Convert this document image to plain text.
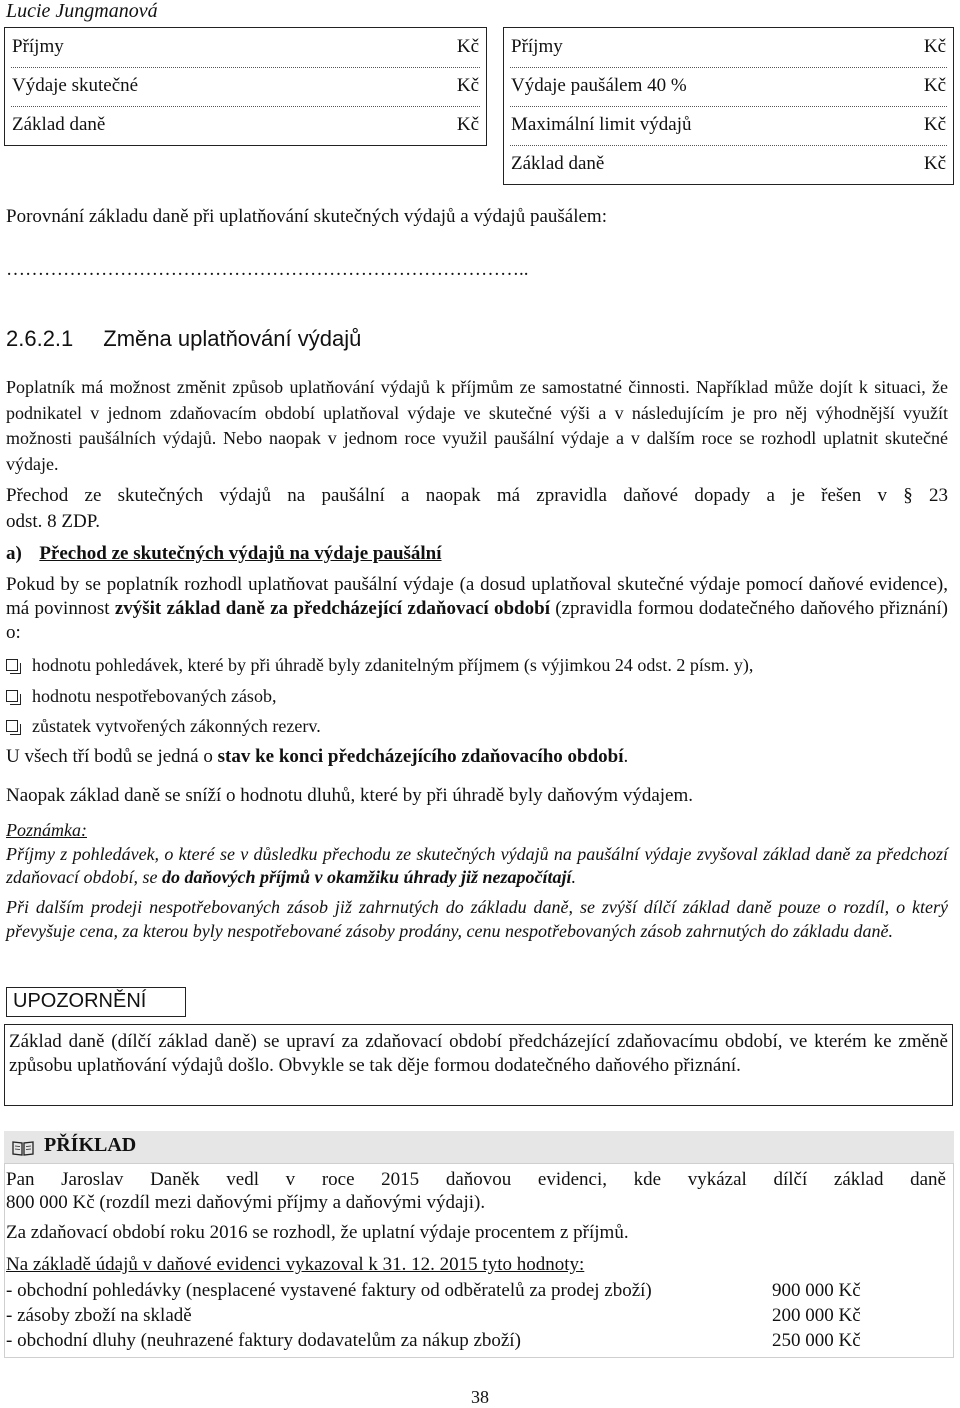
Lucie Jungmanová
Příjmy	Kč
Výdaje skutečné	Kč
Základ daně	Kč
Příjmy	Kč
Výdaje paušálem 40 %	Kč
Maximální limit výdajů	Kč
Základ daně	Kč
Porovnání základu daně při uplatňování skutečných výdajů a výdajů paušálem:
………………………………………………………………………..
2.6.2.1 Změna uplatňování výdajů

Poplatník má možnost změnit způsob uplatňování výdajů k příjmům ze samostatné činnosti. Například může dojít k situaci, že podnikatel v jednom zdaňovacím období uplatňoval výdaje ve skutečné výši a v následujícím je pro něj výhodnější využít možnosti paušálních výdajů. Nebo naopak v jednom roce využil paušální výdaje a v dalším roce se rozhodl uplatnit skutečné výdaje.

Přechod ze skutečných výdajů na paušální a naopak má zpravidla daňové dopady a je řešen v § 23

odst. 8 ZDP.

a) Přechod ze skutečných výdajů na výdaje paušální

Pokud by se poplatník rozhodl uplatňovat paušální výdaje (a dosud uplatňoval skutečné výdaje pomocí daňové evidence), má povinnost zvýšit základ daně za předcházející zdaňovací období (zpravidla formou dodatečného daňového přiznání) o:

hodnotu pohledávek, které by při úhradě byly zdanitelným příjmem (s výjimkou 24 odst. 2 písm. y),
hodnotu nespotřebovaných zásob,
zůstatek vytvořených zákonných rezerv.

U všech tří bodů se jedná o stav ke konci předcházejícího zdaňovacího období.

Naopak základ daně se sníží o hodnotu dluhů, které by při úhradě byly daňovým výdajem.

Poznámka:

Příjmy z pohledávek, o které se v důsledku přechodu ze skutečných výdajů na paušální výdaje zvyšoval základ daně za předchozí zdaňovací období, se do daňových příjmů v okamžiku úhrady již nezapočítají.

Při dalším prodeji nespotřebovaných zásob již zahrnutých do základu daně, se zvýší dílčí základ daně pouze o rozdíl, o který převyšuje cena, za kterou byly nespotřebované zásoby prodány, cenu nespotřebovaných zásob zahrnutých do základu daně.

UPOZORNĚNÍ

Základ daně (dílčí základ daně) se upraví za zdaňovací období předcházející zdaňovacímu období, ve kterém ke změně způsobu uplatňování výdajů došlo. Obvykle se tak děje formou dodatečného daňového přiznání.

PŘÍKLAD

Pan Jaroslav Daněk vedl v roce 2015 daňovou evidenci, kde vykázal dílčí základ daně

800 000 Kč (rozdíl mezi daňovými příjmy a daňovými výdaji).

Za zdaňovací období roku 2016 se rozhodl, že uplatní výdaje procentem z příjmů.

Na základě údajů v daňové evidenci vykazoval k 31. 12. 2015 tyto hodnoty:

- obchodní pohledávky (nesplacené vystavené faktury od odběratelů za prodej zboží)	900 000 Kč
- zásoby zboží na skladě	200 000 Kč
- obchodní dluhy (neuhrazené faktury dodavatelům za nákup zboží)	250 000 Kč
38
